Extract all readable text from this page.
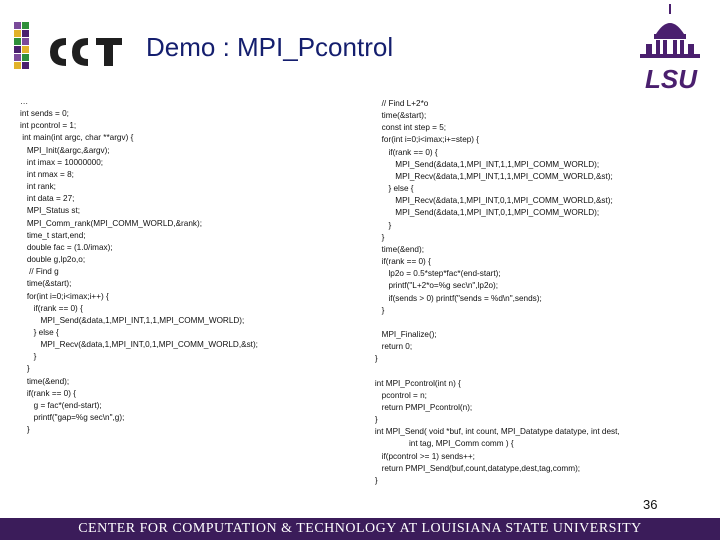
Demo : MPI_Pcontrol
LSU
…
int sends = 0;
int pcontrol = 1;
int main(int argc, char **argv) {
MPI_Init(&argc,&argv);
int imax = 10000000;
int nmax = 8;
int rank;
int data = 27;
MPI_Status st;
MPI_Comm_rank(MPI_COMM_WORLD,&rank);
time_t start,end;
double fac = (1.0/imax);
double g,lp2o,o;
// Find g
time(&start);
for(int i=0;i<imax;i++) {
if(rank == 0) {
MPI_Send(&data,1,MPI_INT,1,1,MPI_COMM_WORLD);
} else {
MPI_Recv(&data,1,MPI_INT,0,1,MPI_COMM_WORLD,&st);
}
}
time(&end);
if(rank == 0) {
g = fac*(end-start);
printf("gap=%g sec\n",g);
}
// Find L+2*o
time(&start);
const int step = 5;
for(int i=0;i<imax;i+=step) {
if(rank == 0) {
MPI_Send(&data,1,MPI_INT,1,1,MPI_COMM_WORLD);
MPI_Recv(&data,1,MPI_INT,1,1,MPI_COMM_WORLD,&st);
} else {
MPI_Recv(&data,1,MPI_INT,0,1,MPI_COMM_WORLD,&st);
MPI_Send(&data,1,MPI_INT,0,1,MPI_COMM_WORLD);
}
}
time(&end);
if(rank == 0) {
lp2o = 0.5*step*fac*(end-start);
printf("L+2*o=%g sec\n",lp2o);
if(sends > 0) printf("sends = %d\n",sends);
}

MPI_Finalize();
return 0;
}

int MPI_Pcontrol(int n) {
pcontrol = n;
return PMPI_Pcontrol(n);
}
int MPI_Send( void *buf, int count, MPI_Datatype datatype, int dest,
int tag, MPI_Comm comm ) {
if(pcontrol >= 1) sends++;
return PMPI_Send(buf,count,datatype,dest,tag,comm);
}
36
CENTER FOR COMPUTATION & TECHNOLOGY AT LOUISIANA STATE UNIVERSITY
